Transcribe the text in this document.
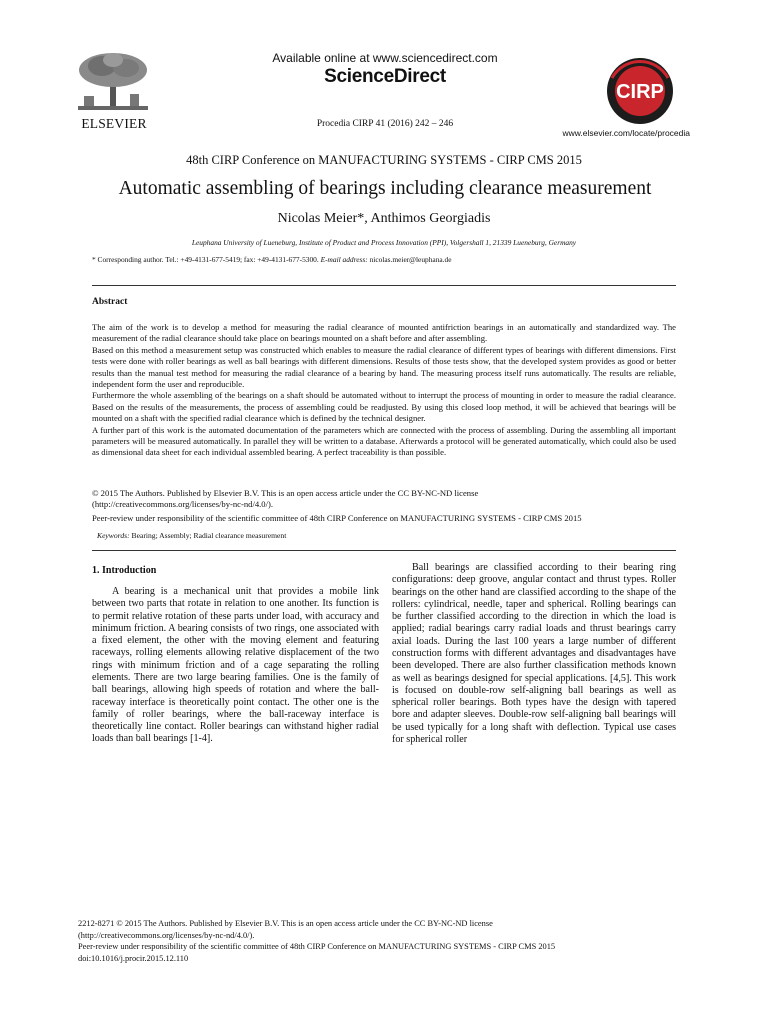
ELSEVIER
Available online at www.sciencedirect.com
ScienceDirect
Procedia CIRP 41 (2016) 242 – 246
CIRP
www.elsevier.com/locate/procedia
48th CIRP Conference on MANUFACTURING SYSTEMS - CIRP CMS 2015
Automatic assembling of bearings including clearance measurement
Nicolas Meier*, Anthimos Georgiadis
Leuphana University of Lueneburg, Institute of Product and Process Innovation (PPI), Volgershall 1, 21339 Lueneburg, Germany
* Corresponding author. Tel.: +49-4131-677-5419; fax: +49-4131-677-5300. E-mail address: nicolas.meier@leuphana.de
Abstract

The aim of the work is to develop a method for measuring the radial clearance of mounted antifriction bearings in an automatically and standardized way. The measurement of the radial clearance should take place on bearings mounted on a shaft before and after assembling.

Based on this method a measurement setup was constructed which enables to measure the radial clearance of different types of bearings with different dimensions. First tests were done with roller bearings as well as ball bearings with different dimensions. Results of those tests show, that the developed system provides as good or better results than the manual test method for measuring the radial clearance of a bearing by hand. The measuring process itself runs automatically. The results are reliable, independent form the user and reproducible.

Furthermore the whole assembling of the bearings on a shaft should be automated without to interrupt the process of mounting in order to measure the radial clearance. Based on the results of the measurements, the process of assembling could be readjusted. By using this closed loop method, it will be achieved that bearings will be mounted on a shaft with the specified radial clearance which is defined by the technical designer.

A further part of this work is the automated documentation of the parameters which are connected with the process of assembling. During the assembling all important parameters will be measured automatically. In parallel they will be written to a database. Afterwards a protocol will be generated automatically, which could also be used as dimensional data sheet for each individual assembled bearing. A perfect traceability is than possible.

© 2015 The Authors. Published by Elsevier B.V. This is an open access article under the CC BY-NC-ND license
(http://creativecommons.org/licenses/by-nc-nd/4.0/).
Peer-review under responsibility of the scientific committee of 48th CIRP Conference on MANUFACTURING SYSTEMS - CIRP CMS 2015
Keywords: Bearing; Assembly; Radial clearance measurement
1. Introduction

A bearing is a mechanical unit that provides a mobile link between two parts that rotate in relation to one another. Its function is to permit relative rotation of these parts under load, with accuracy and minimum friction. A bearing consists of two rings, one associated with a fixed element, the other with the moving element and featuring raceways, rolling elements allowing relative displacement of the two rings with minimum friction and of a cage separating the rolling elements. There are two large bearing families. One is the family of ball bearings, allowing high speeds of rotation and where the ball-raceway interface is theoretically point contact. The other one is the family of roller bearings, where the ball-raceway interface is theoretically line contact. Roller bearings can withstand higher radial loads than ball bearings [1-4].

Ball bearings are classified according to their bearing ring configurations: deep groove, angular contact and thrust types. Roller bearings on the other hand are classified according to the shape of the rollers: cylindrical, needle, taper and spherical. Rolling bearings can be further classified according to the direction in which the load is applied; radial bearings carry radial loads and thrust bearings carry axial loads. During the last 100 years a large number of different construction forms with different advantages and disadvantages have been developed. There are also further classification methods known as well as bearings designed for special applications. [4,5]. This work is focused on double-row self-aligning ball bearings as well as spherical roller bearings. Both types have the design with tapered bore and adapter sleeves. Double-row self-aligning ball bearings will be used typically for a long shaft with deflection. Typical use cases for spherical roller

2212-8271 © 2015 The Authors. Published by Elsevier B.V. This is an open access article under the CC BY-NC-ND license
(http://creativecommons.org/licenses/by-nc-nd/4.0/).
Peer-review under responsibility of the scientific committee of 48th CIRP Conference on MANUFACTURING SYSTEMS - CIRP CMS 2015
doi:10.1016/j.procir.2015.12.110
